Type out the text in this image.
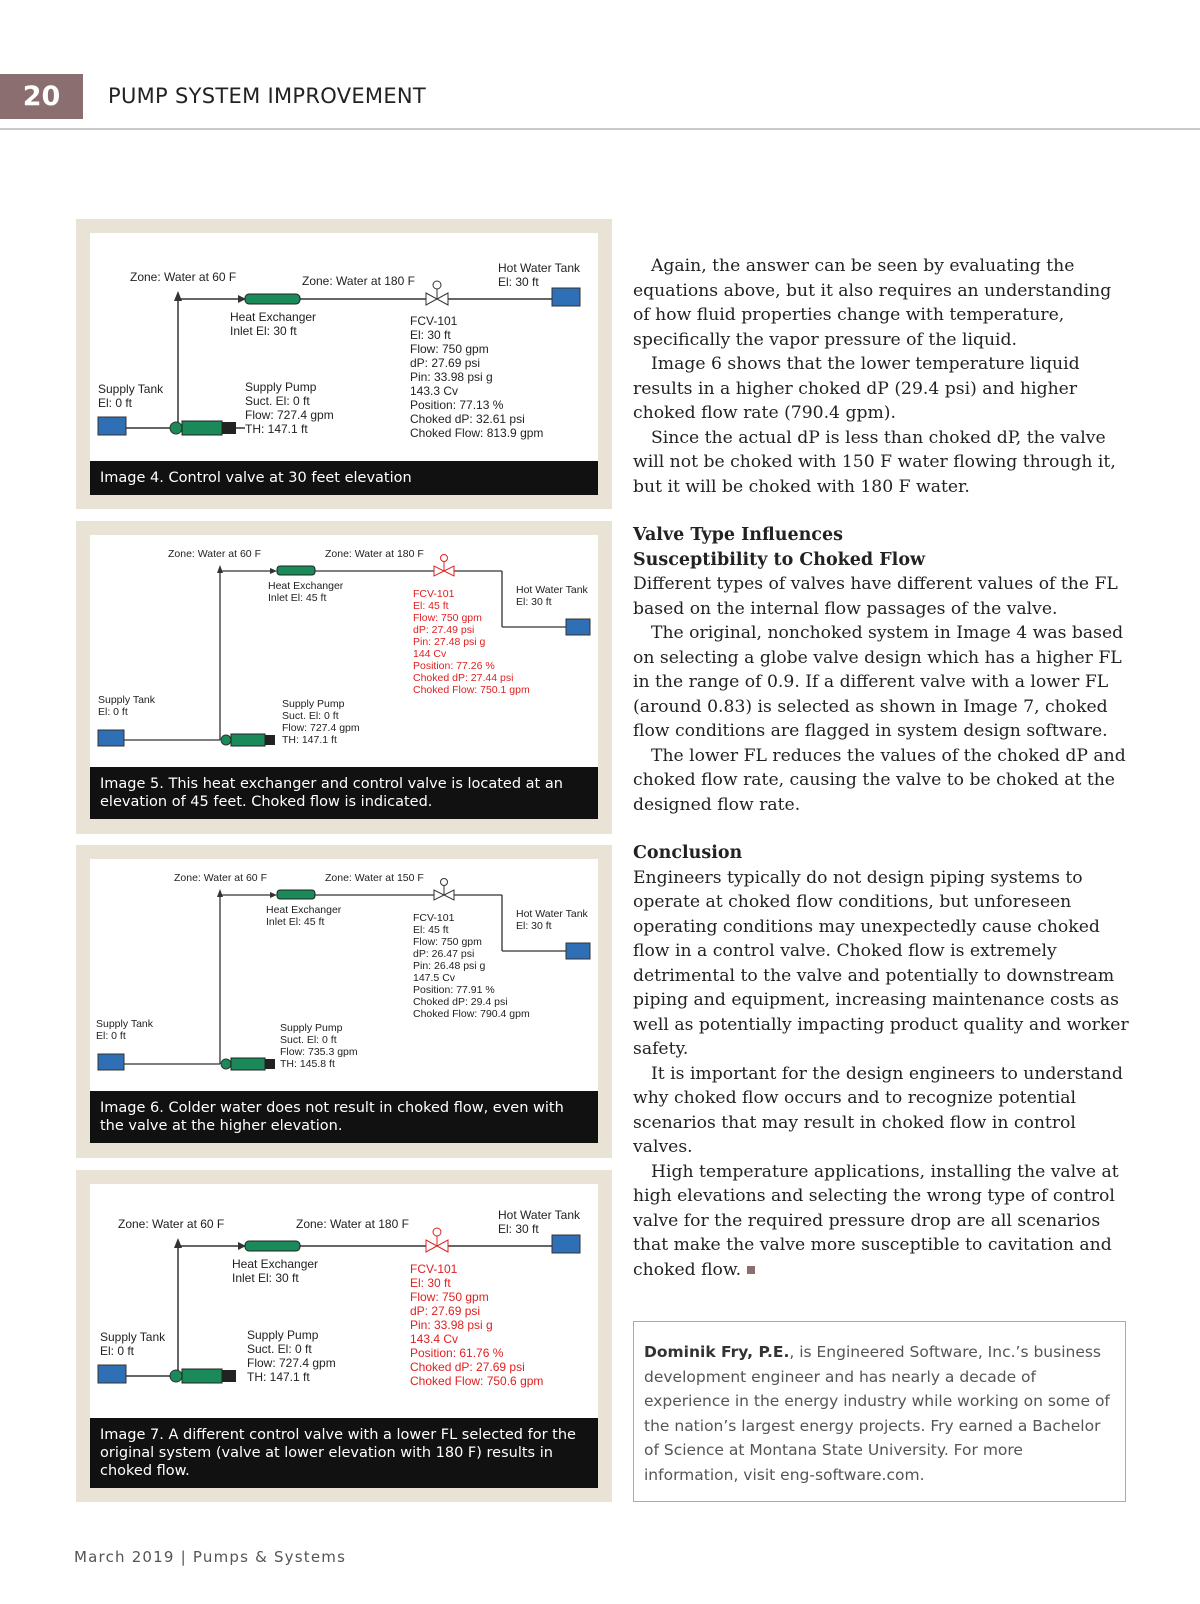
20	PUMP SYSTEM IMPROVEMENT
Zone: Water at 60 F	Zone: Water at 180 F
Heat Exchanger
Inlet El: 30 ft
Hot Water Tank
El: 30 ft
Supply Tank
El: 0 ft
Supply Pump
Suct. El: 0 ft
Flow: 727.4 gpm
TH: 147.1 ft
FCV-101
El: 30 ft
Flow: 750 gpm
dP: 27.69 psi
Pin: 33.98 psi g
143.3 Cv
Position: 77.13 %
Choked dP: 32.61 psi
Choked Flow: 813.9 gpm
Image 4. Control valve at 30 feet elevation
Zone: Water at 60 F	Zone: Water at 180 F
Heat Exchanger
Inlet El: 45 ft
Hot Water Tank
El: 30 ft
Supply Tank
El: 0 ft
Supply Pump
Suct. El: 0 ft
Flow: 727.4 gpm
TH: 147.1 ft
FCV-101
El: 45 ft
Flow: 750 gpm
dP: 27.49 psi
Pin: 27.48 psi g
144 Cv
Position: 77.26 %
Choked dP: 27.44 psi
Choked Flow: 750.1 gpm
Image 5. This heat exchanger and control valve is located at an elevation of 45 feet. Choked flow is indicated.
Zone: Water at 60 F	Zone: Water at 150 F
Heat Exchanger
Inlet El: 45 ft
Hot Water Tank
El: 30 ft
Supply Tank
El: 0 ft
Supply Pump
Suct. El: 0 ft
Flow: 735.3 gpm
TH: 145.8 ft
FCV-101
El: 45 ft
Flow: 750 gpm
dP: 26.47 psi
Pin: 26.48 psi g
147.5 Cv
Position: 77.91 %
Choked dP: 29.4 psi
Choked Flow: 790.4 gpm
Image 6. Colder water does not result in choked flow, even with the valve at the higher elevation.
Zone: Water at 60 F	Zone: Water at 180 F
Heat Exchanger
Inlet El: 30 ft
Hot Water Tank
El: 30 ft
Supply Tank
El: 0 ft
Supply Pump
Suct. El: 0 ft
Flow: 727.4 gpm
TH: 147.1 ft
FCV-101
El: 30 ft
Flow: 750 gpm
dP: 27.69 psi
Pin: 33.98 psi g
143.4 Cv
Position: 61.76 %
Choked dP: 27.69 psi
Choked Flow: 750.6 gpm
Image 7. A different control valve with a lower FL selected for the original system (valve at lower elevation with 180 F) results in choked flow.

Again, the answer can be seen by evaluating the equations above, but it also requires an understanding of how fluid properties change with temperature, specifically the vapor pressure of the liquid.

Image 6 shows that the lower temperature liquid results in a higher choked dP (29.4 psi) and higher choked flow rate (790.4 gpm).

Since the actual dP is less than choked dP, the valve will not be choked with 150 F water flowing through it, but it will be choked with 180 F water.

Valve Type Influences
Susceptibility to Choked Flow

Different types of valves have different values of the FL based on the internal flow passages of the valve.

The original, nonchoked system in Image 4 was based on selecting a globe valve design which has a higher FL in the range of 0.9. If a different valve with a lower FL (around 0.83) is selected as shown in Image 7, choked flow conditions are flagged in system design software.

The lower FL reduces the values of the choked dP and choked flow rate, causing the valve to be choked at the designed flow rate.

Conclusion

Engineers typically do not design piping systems to operate at choked flow conditions, but unforeseen operating conditions may unexpectedly cause choked flow in a control valve. Choked flow is extremely detrimental to the valve and potentially to downstream piping and equipment, increasing maintenance costs as well as potentially impacting product quality and worker safety.

It is important for the design engineers to understand why choked flow occurs and to recognize potential scenarios that may result in choked flow in control valves.

High temperature applications, installing the valve at high elevations and selecting the wrong type of control valve for the required pressure drop are all scenarios that make the valve more susceptible to cavitation and choked flow.

Dominik Fry, P.E., is Engineered Software, Inc.’s business development engineer and has nearly a decade of experience in the energy industry while working on some of the nation’s largest energy projects. Fry earned a Bachelor of Science at Montana State University. For more information, visit eng-software.com.
March 2019 | Pumps & Systems
